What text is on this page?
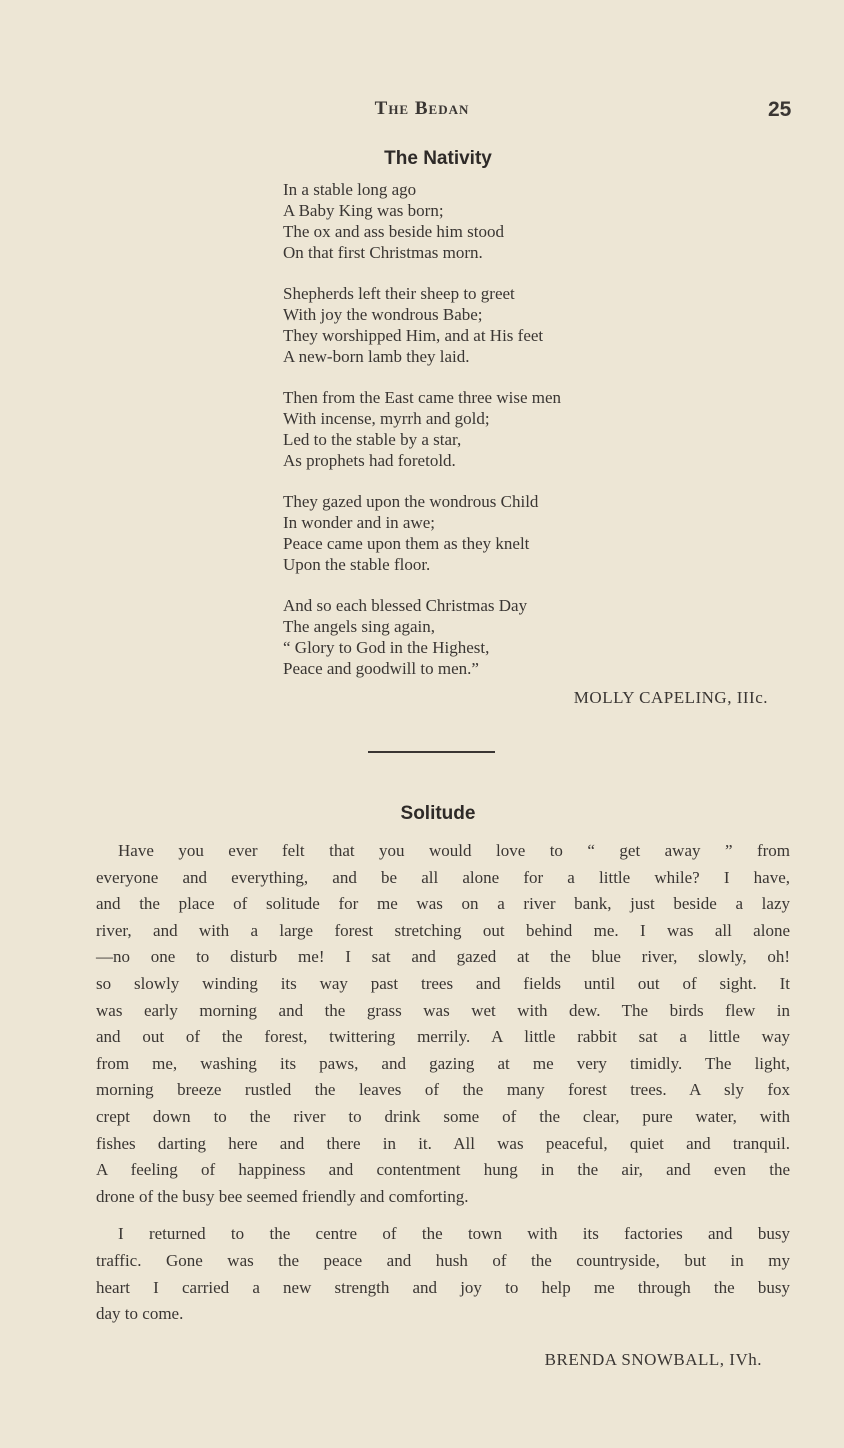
The Bedan	25
The Nativity
In a stable long ago
A Baby King was born;
The ox and ass beside him stood
On that first Christmas morn.
Shepherds left their sheep to greet
With joy the wondrous Babe;
They worshipped Him, and at His feet
A new-born lamb they laid.
Then from the East came three wise men
With incense, myrrh and gold;
Led to the stable by a star,
As prophets had foretold.
They gazed upon the wondrous Child
In wonder and in awe;
Peace came upon them as they knelt
Upon the stable floor.
And so each blessed Christmas Day
The angels sing again,
“ Glory to God in the Highest,
Peace and goodwill to men.”
MOLLY CAPELING, IIIc.
Solitude
Have you ever felt that you would love to “ get away ” from
everyone and everything, and be all alone for a little while? I have,
and the place of solitude for me was on a river bank, just beside a lazy
river, and with a large forest stretching out behind me. I was all alone
—no one to disturb me! I sat and gazed at the blue river, slowly, oh!
so slowly winding its way past trees and fields until out of sight. It
was early morning and the grass was wet with dew. The birds flew in
and out of the forest, twittering merrily. A little rabbit sat a little way
from me, washing its paws, and gazing at me very timidly. The light,
morning breeze rustled the leaves of the many forest trees. A sly fox
crept down to the river to drink some of the clear, pure water, with
fishes darting here and there in it. All was peaceful, quiet and tranquil.
A feeling of happiness and contentment hung in the air, and even the
drone of the busy bee seemed friendly and comforting.
I returned to the centre of the town with its factories and busy
traffic. Gone was the peace and hush of the countryside, but in my
heart I carried a new strength and joy to help me through the busy
day to come.
BRENDA SNOWBALL, IVh.
